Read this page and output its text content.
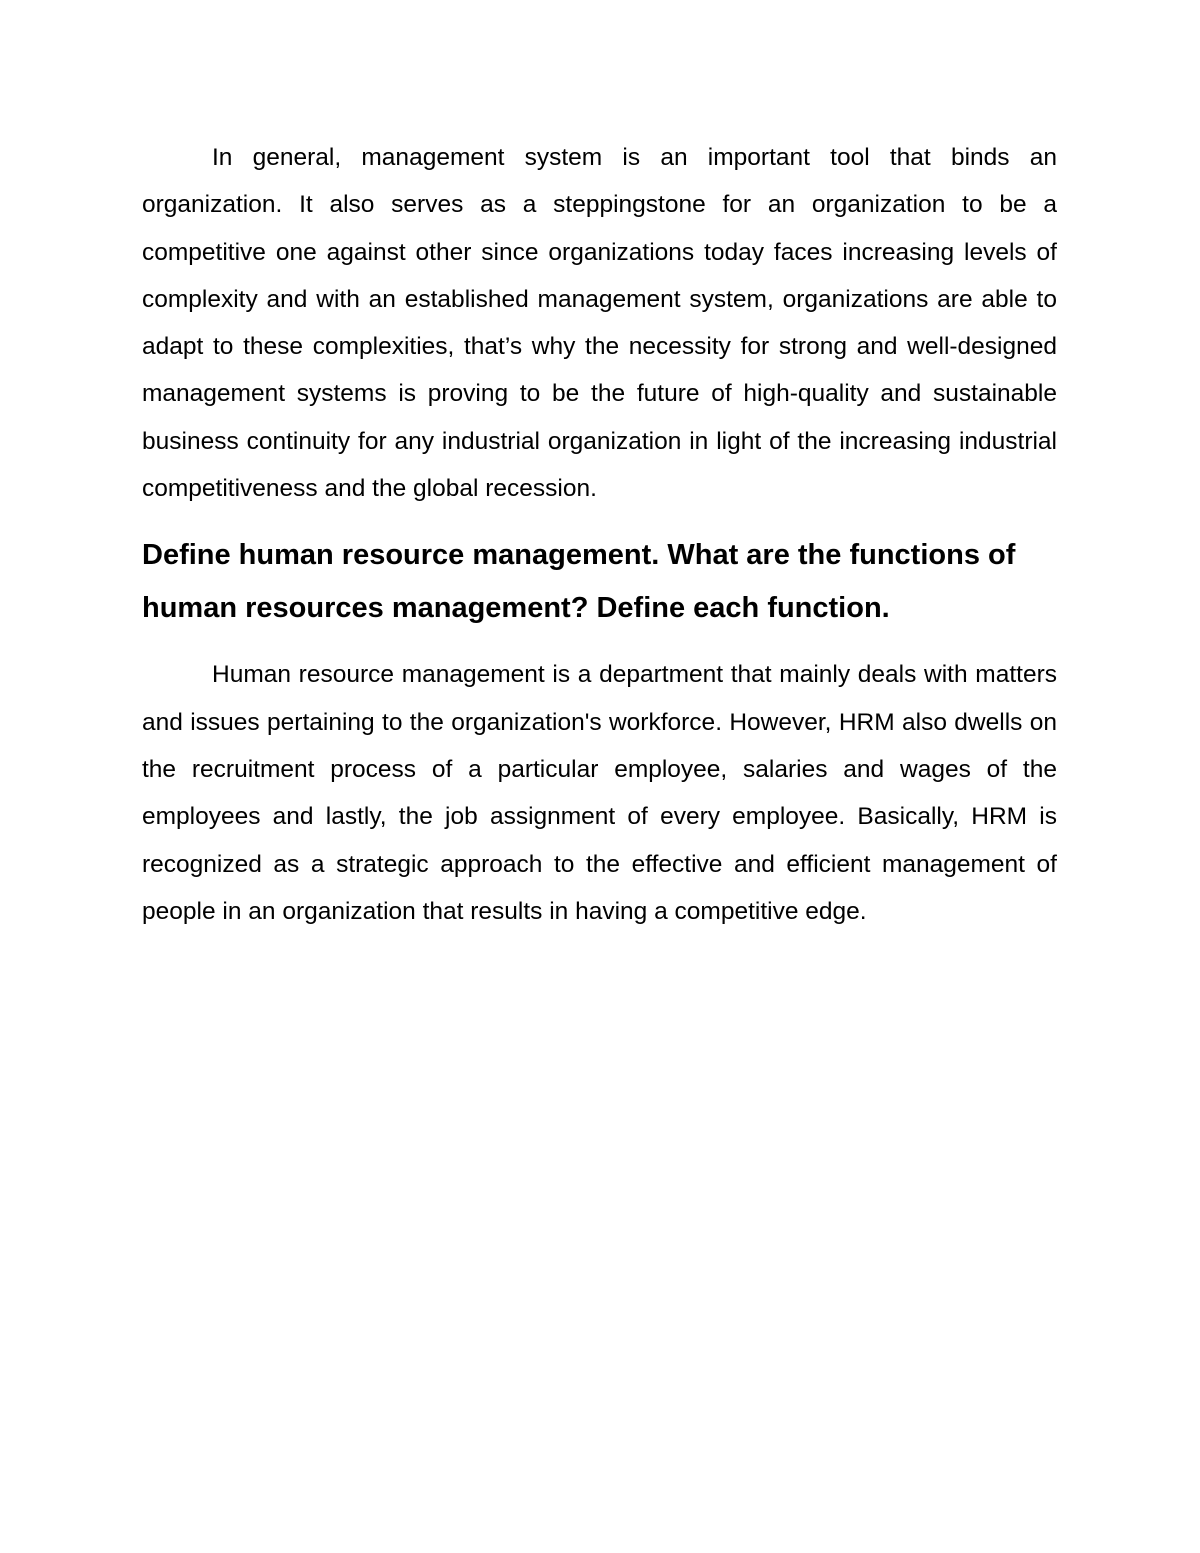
In general, management system is an important tool that binds an organization. It also serves as a steppingstone for an organization to be a competitive one against other since organizations today faces increasing levels of complexity and with an established management system, organizations are able to adapt to these complexities, that’s why the necessity for strong and well-designed management systems is proving to be the future of high-quality and sustainable business continuity for any industrial organization in light of the increasing industrial competitiveness and the global recession.

Define human resource management. What are the functions of human resources management? Define each function.

Human resource management is a department that mainly deals with matters and issues pertaining to the organization's workforce. However, HRM also dwells on the recruitment process of a particular employee, salaries and wages of the employees and lastly, the job assignment of every employee. Basically, HRM is recognized as a strategic approach to the effective and efficient management of people in an organization that results in having a competitive edge.
